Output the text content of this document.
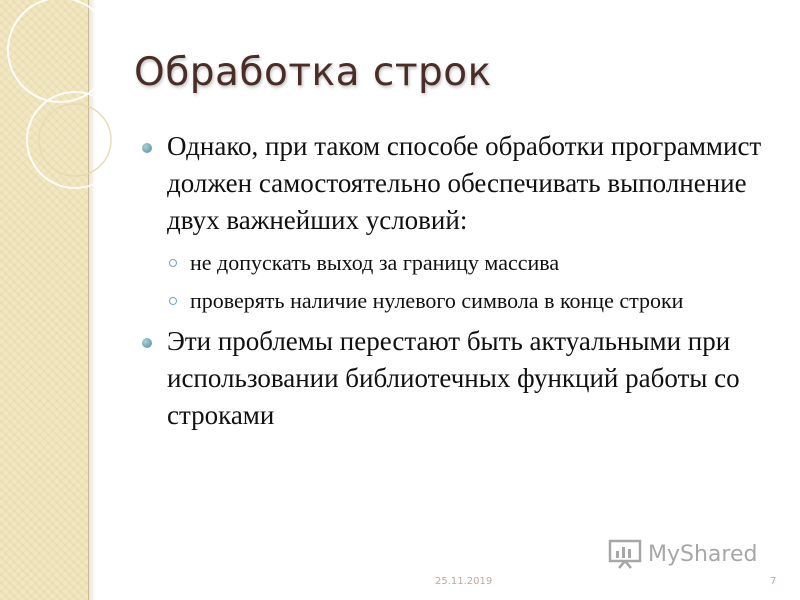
Обработка строк
Однако, при таком способе обработки программист должен самостоятельно обеспечивать выполнение двух важнейших условий:
не допускать выход за границу массива
проверять наличие нулевого символа в конце строки
Эти проблемы перестают быть актуальными при использовании библиотечных функций работы со строками
MyShared
25.11.2019	7
